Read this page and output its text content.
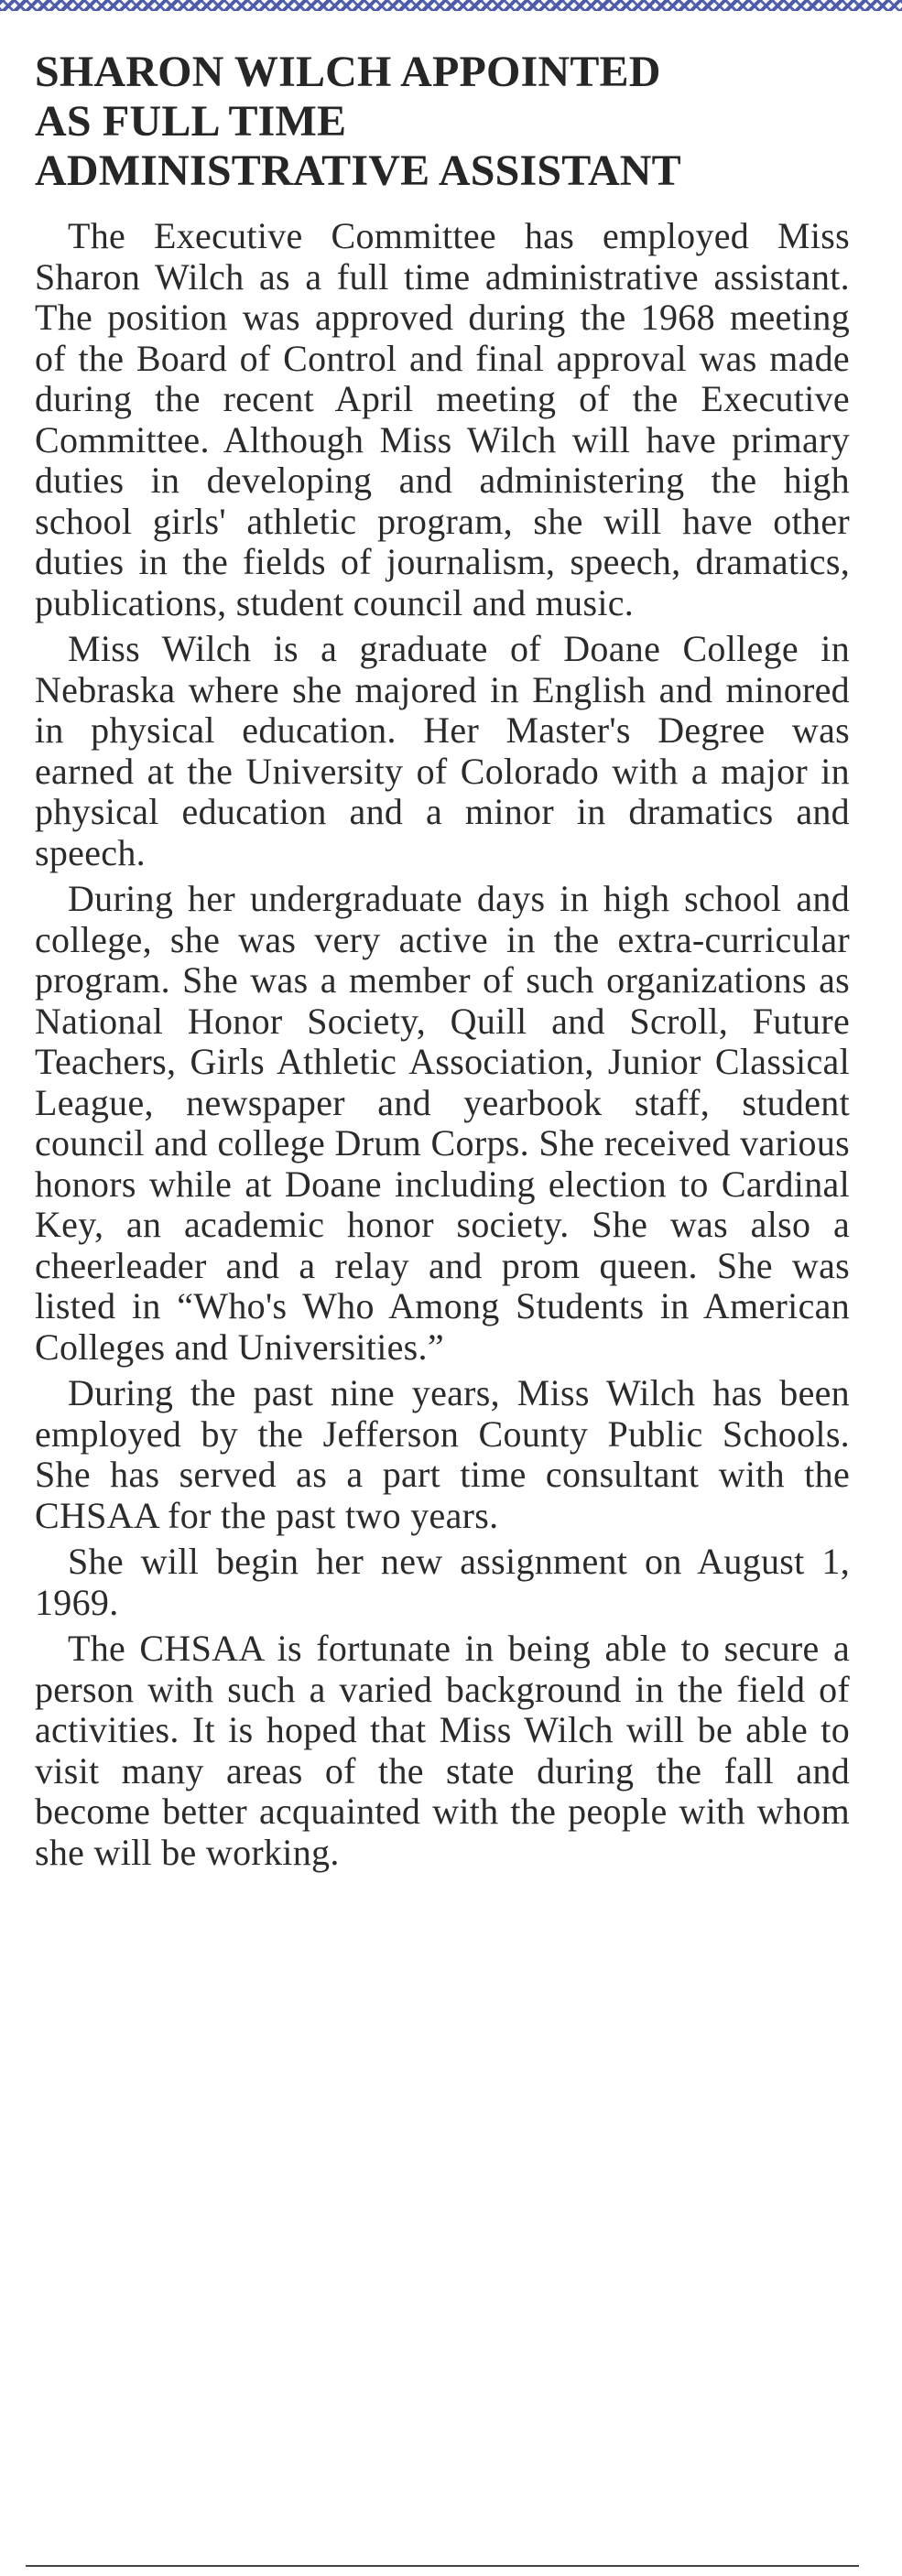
SHARON WILCH APPOINTED
AS FULL TIME
ADMINISTRATIVE ASSISTANT

The Executive Committee has employed Miss Sharon Wilch as a full time administrative assistant. The position was approved during the 1968 meeting of the Board of Control and final approval was made during the recent April meeting of the Executive Committee. Although Miss Wilch will have primary duties in developing and administering the high school girls' athletic program, she will have other duties in the fields of journalism, speech, dramatics, publications, student council and music.

Miss Wilch is a graduate of Doane College in Nebraska where she majored in English and minored in physical education. Her Master's Degree was earned at the University of Colorado with a major in physical education and a minor in dramatics and speech.

During her undergraduate days in high school and college, she was very active in the extra-curricular program. She was a member of such organizations as National Honor Society, Quill and Scroll, Future Teachers, Girls Athletic Association, Junior Classical League, newspaper and yearbook staff, student council and college Drum Corps. She received various honors while at Doane including election to Cardinal Key, an academic honor society. She was also a cheerleader and a relay and prom queen. She was listed in “Who's Who Among Students in American Colleges and Universities.”

During the past nine years, Miss Wilch has been employed by the Jefferson County Public Schools. She has served as a part time consultant with the CHSAA for the past two years.

She will begin her new assignment on August 1, 1969.

The CHSAA is fortunate in being able to secure a person with such a varied background in the field of activities. It is hoped that Miss Wilch will be able to visit many areas of the state during the fall and become better acquainted with the people with whom she will be working.
